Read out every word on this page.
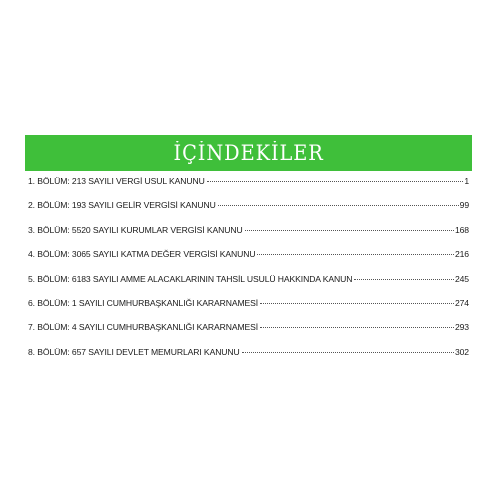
İÇİNDEKİLER
1. BÖLÜM: 213 SAYILI VERGİ USUL KANUNU	1
2. BÖLÜM: 193 SAYILI GELİR VERGİSİ KANUNU	99
3. BÖLÜM: 5520 SAYILI KURUMLAR VERGİSİ KANUNU	168
4. BÖLÜM: 3065 SAYILI KATMA DEĞER VERGİSİ KANUNU	216
5. BÖLÜM: 6183 SAYILI AMME ALACAKLARININ TAHSİL USULÜ HAKKINDA KANUN	245
6. BÖLÜM: 1 SAYILI CUMHURBAŞKANLIĞI KARARNAMESİ	274
7. BÖLÜM: 4 SAYILI CUMHURBAŞKANLIĞI KARARNAMESİ	293
8. BÖLÜM: 657 SAYILI DEVLET MEMURLARI KANUNU	302
